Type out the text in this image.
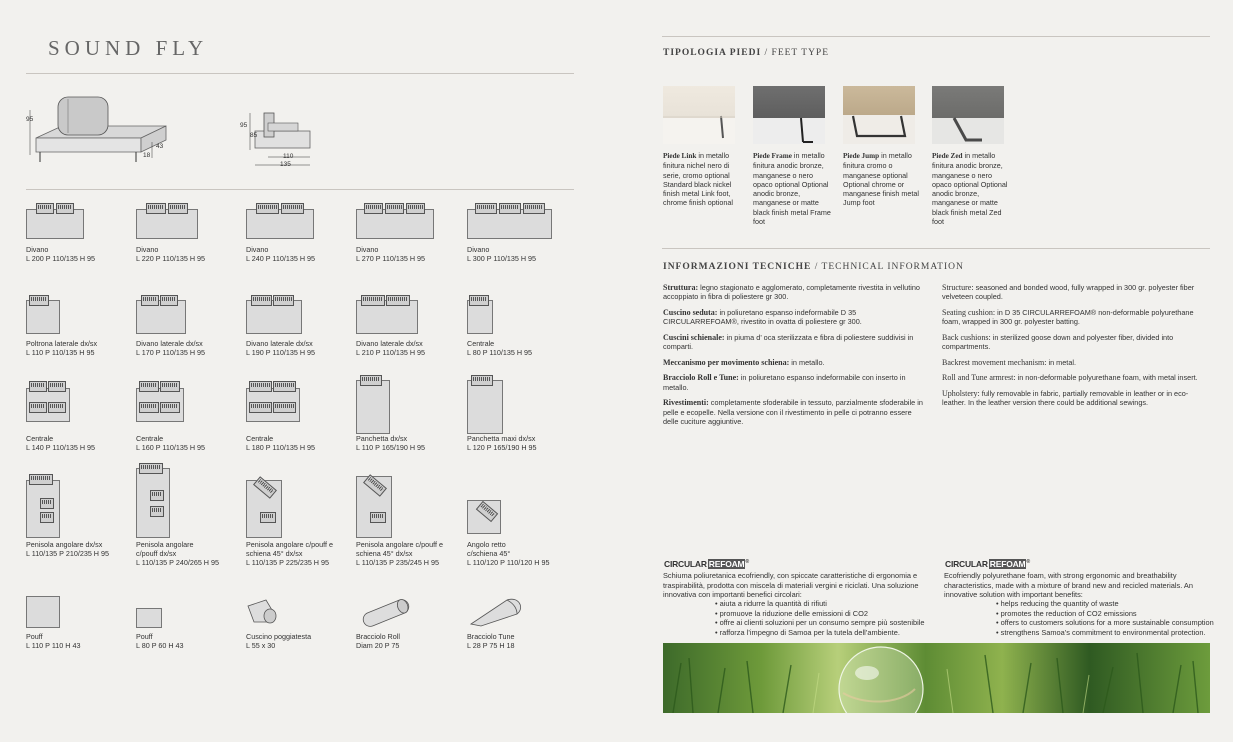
SOUND FLY
95
43
18
95
85
110
135
Divano
L 200 P 110/135 H 95
Divano
L 220 P 110/135 H 95
Divano
L 240 P 110/135 H 95
Divano
L 270 P 110/135 H 95
Divano
L 300 P 110/135 H 95
Poltrona laterale dx/sx
L 110 P 110/135 H 95
Divano laterale dx/sx
L 170 P 110/135 H 95
Divano laterale dx/sx
L 190 P 110/135 H 95
Divano laterale dx/sx
L 210 P 110/135 H 95
Centrale
L 80 P 110/135 H 95
Centrale
L 140 P 110/135 H 95
Centrale
L 160 P 110/135 H 95
Centrale
L 180 P 110/135 H 95
Panchetta dx/sx
L 110 P 165/190 H 95
Panchetta maxi dx/sx
L 120 P 165/190 H 95
Penisola angolare dx/sx
L 110/135 P 210/235 H 95
Penisola angolare
c/pouff dx/sx
L 110/135 P 240/265 H 95
Penisola angolare c/pouff e
schiena 45° dx/sx
L 110/135 P 225/235 H 95
Penisola angolare c/pouff e
schiena 45° dx/sx
L 110/135 P 235/245 H 95
Angolo retto
c/schiena 45°
L 110/120 P 110/120 H 95
Pouff
L 110 P 110 H 43
Pouff
L 80 P 60 H 43
Cuscino poggiatesta
L 55 x 30
Bracciolo Roll
Diam 20 P 75
Bracciolo Tune
L 28 P 75 H 18
TIPOLOGIA PIEDI / FEET TYPE
Piede Link in metallo finitura nichel nero di serie, cromo optional Standard black nickel finish metal Link foot, chrome finish optional
Piede Frame in metallo finitura anodic bronze, manganese o nero opaco optional Optional anodic bronze, manganese or matte black finish metal Frame foot
Piede Jump in metallo finitura cromo o manganese optional Optional chrome or manganese finish metal Jump foot
Piede Zed in metallo finitura anodic bronze, manganese o nero opaco optional Optional anodic bronze, manganese or matte black finish metal Zed foot
INFORMAZIONI TECNICHE / TECHNICAL INFORMATION

Struttura: legno stagionato e agglomerato, completamente rivestita in vellutino accoppiato in fibra di poliestere gr 300.

Cuscino seduta: in poliuretano espanso indeformabile D 35 CIRCULARREFOAM®, rivestito in ovatta di poliestere gr 300.

Cuscini schienale: in piuma d’ oca sterilizzata e fibra di poliestere suddivisi in comparti.

Meccanismo per movimento schiena: in metallo.

Bracciolo Roll e Tune: in poliuretano espanso indeformabile con inserto in metallo.

Rivestimenti: completamente sfoderabile in tessuto, parzialmente sfoderabile in pelle e ecopelle. Nella versione con il rivestimento in pelle ci potranno essere delle cuciture aggiuntive.

Structure: seasoned and bonded wood, fully wrapped in 300 gr. polyester fiber velveteen coupled.

Seating cushion: in D 35 CIRCULARREFOAM® non-deformable polyurethane foam, wrapped in 300 gr. polyester batting.

Back cushions: in sterilized goose down and polyester fiber, divided into compartments.

Backrest movement mechanism: in metal.

Roll and Tune armrest: in non-deformable polyurethane foam, with metal insert.

Upholstery: fully removable in fabric, partially removable in leather or in eco-leather. In the leather version there could be additional sewings.

CIRCULAR REFOAM®
Schiuma poliuretanica ecofriendly, con spiccate caratteristiche di ergonomia e traspirabilità, prodotta con miscela di materiali vergini e riciclati. Una soluzione innovativa con importanti benefici circolari:
• aiuta a ridurre la quantità di rifiuti
• promuove la riduzione delle emissioni di CO2
• offre ai clienti soluzioni per un consumo sempre più sostenibile
• rafforza l’impegno di Samoa per la tutela dell’ambiente.
CIRCULAR REFOAM®
Ecofriendly polyurethane foam, with strong ergonomic and breathability characteristics, made with a mixture of brand new and recicled materials. An innovative solution with important benefits:
• helps reducing the quantity of waste
• promotes the reduction of CO2 emissions
• offers to customers solutions for a more sustainable consumption
• strengthens Samoa’s commitment to environmental protection.
